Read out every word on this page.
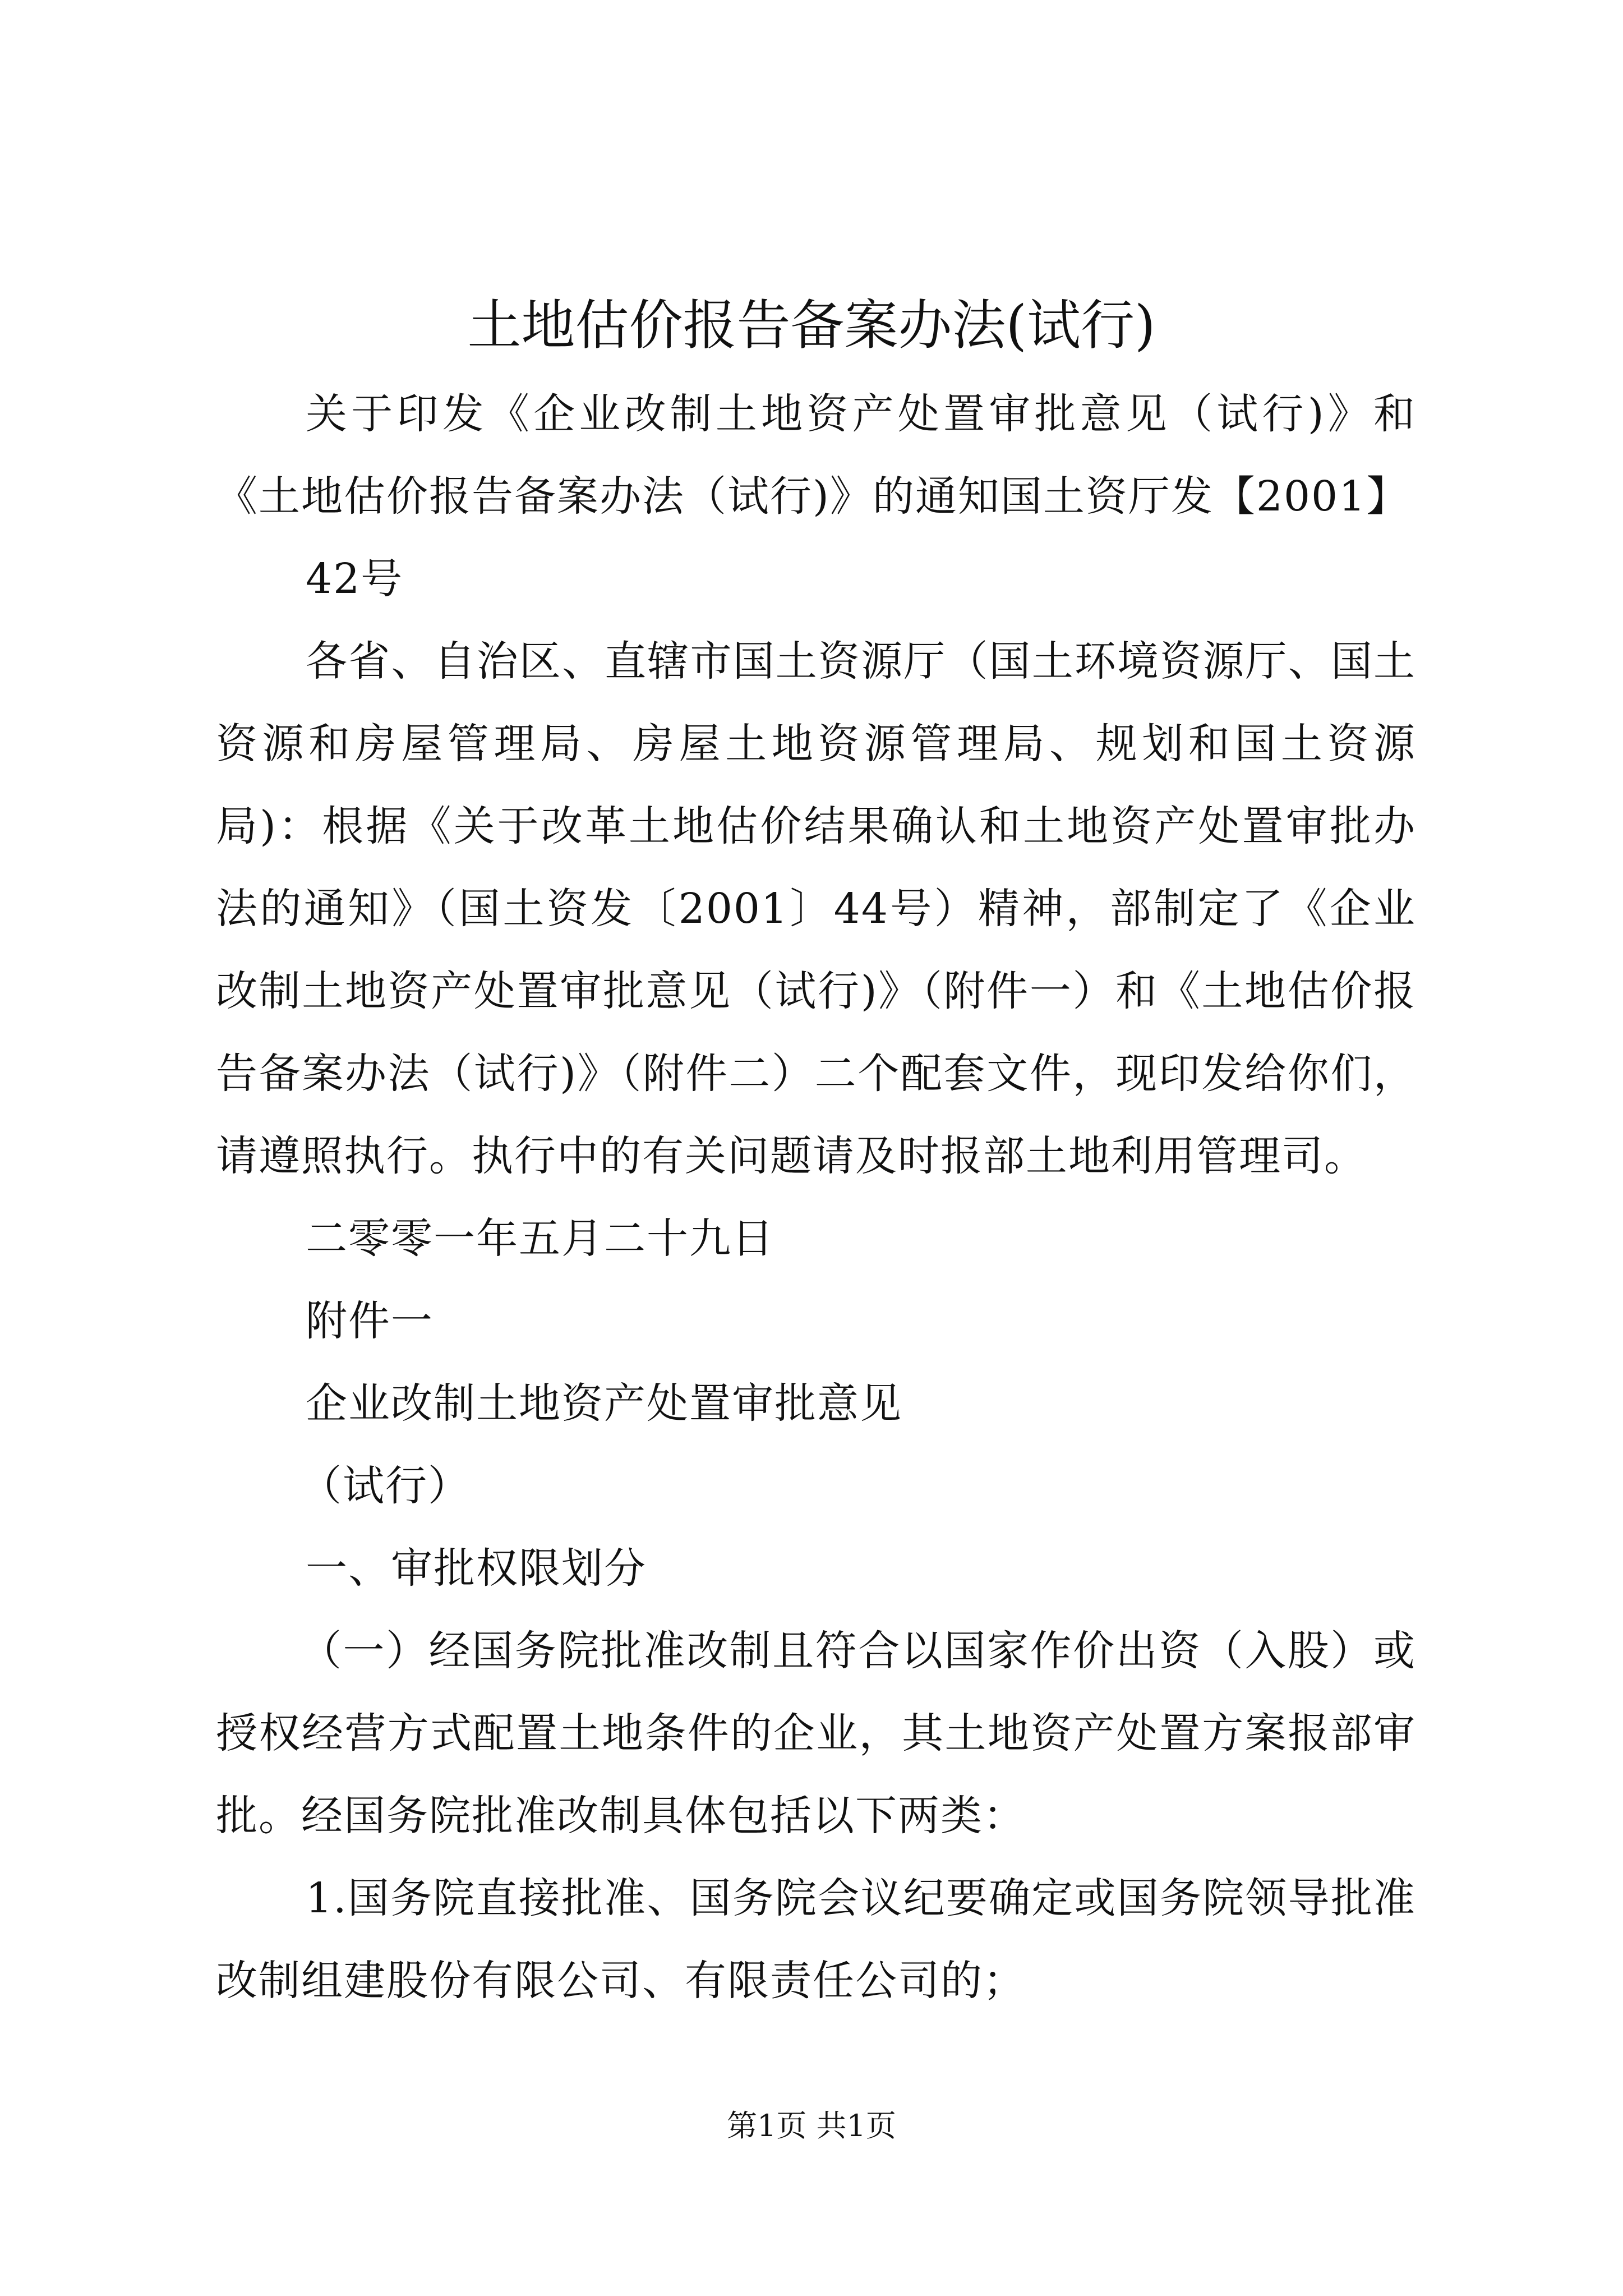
土地估价报告备案办法(试行)

关于印发《企业改制土地资产处置审批意见（试行)》和《土地估价报告备案办法（试行)》的通知国土资厅发【2001】

42号

各省、自治区、直辖市国土资源厅（国土环境资源厅、国土资源和房屋管理局、房屋土地资源管理局、规划和国土资源局)：根据《关于改革土地估价结果确认和土地资产处置审批办法的通知》（国土资发〔2001〕44号）精神，部制定了《企业改制土地资产处置审批意见（试行)》（附件一）和《土地估价报告备案办法（试行)》（附件二）二个配套文件，现印发给你们，请遵照执行。执行中的有关问题请及时报部土地利用管理司。

二零零一年五月二十九日

附件一

企业改制土地资产处置审批意见

（试行）

一、审批权限划分

（一）经国务院批准改制且符合以国家作价出资（入股）或授权经营方式配置土地条件的企业，其土地资产处置方案报部审批。经国务院批准改制具体包括以下两类：

1.国务院直接批准、国务院会议纪要确定或国务院领导批准改制组建股份有限公司、有限责任公司的；

第1页 共1页
